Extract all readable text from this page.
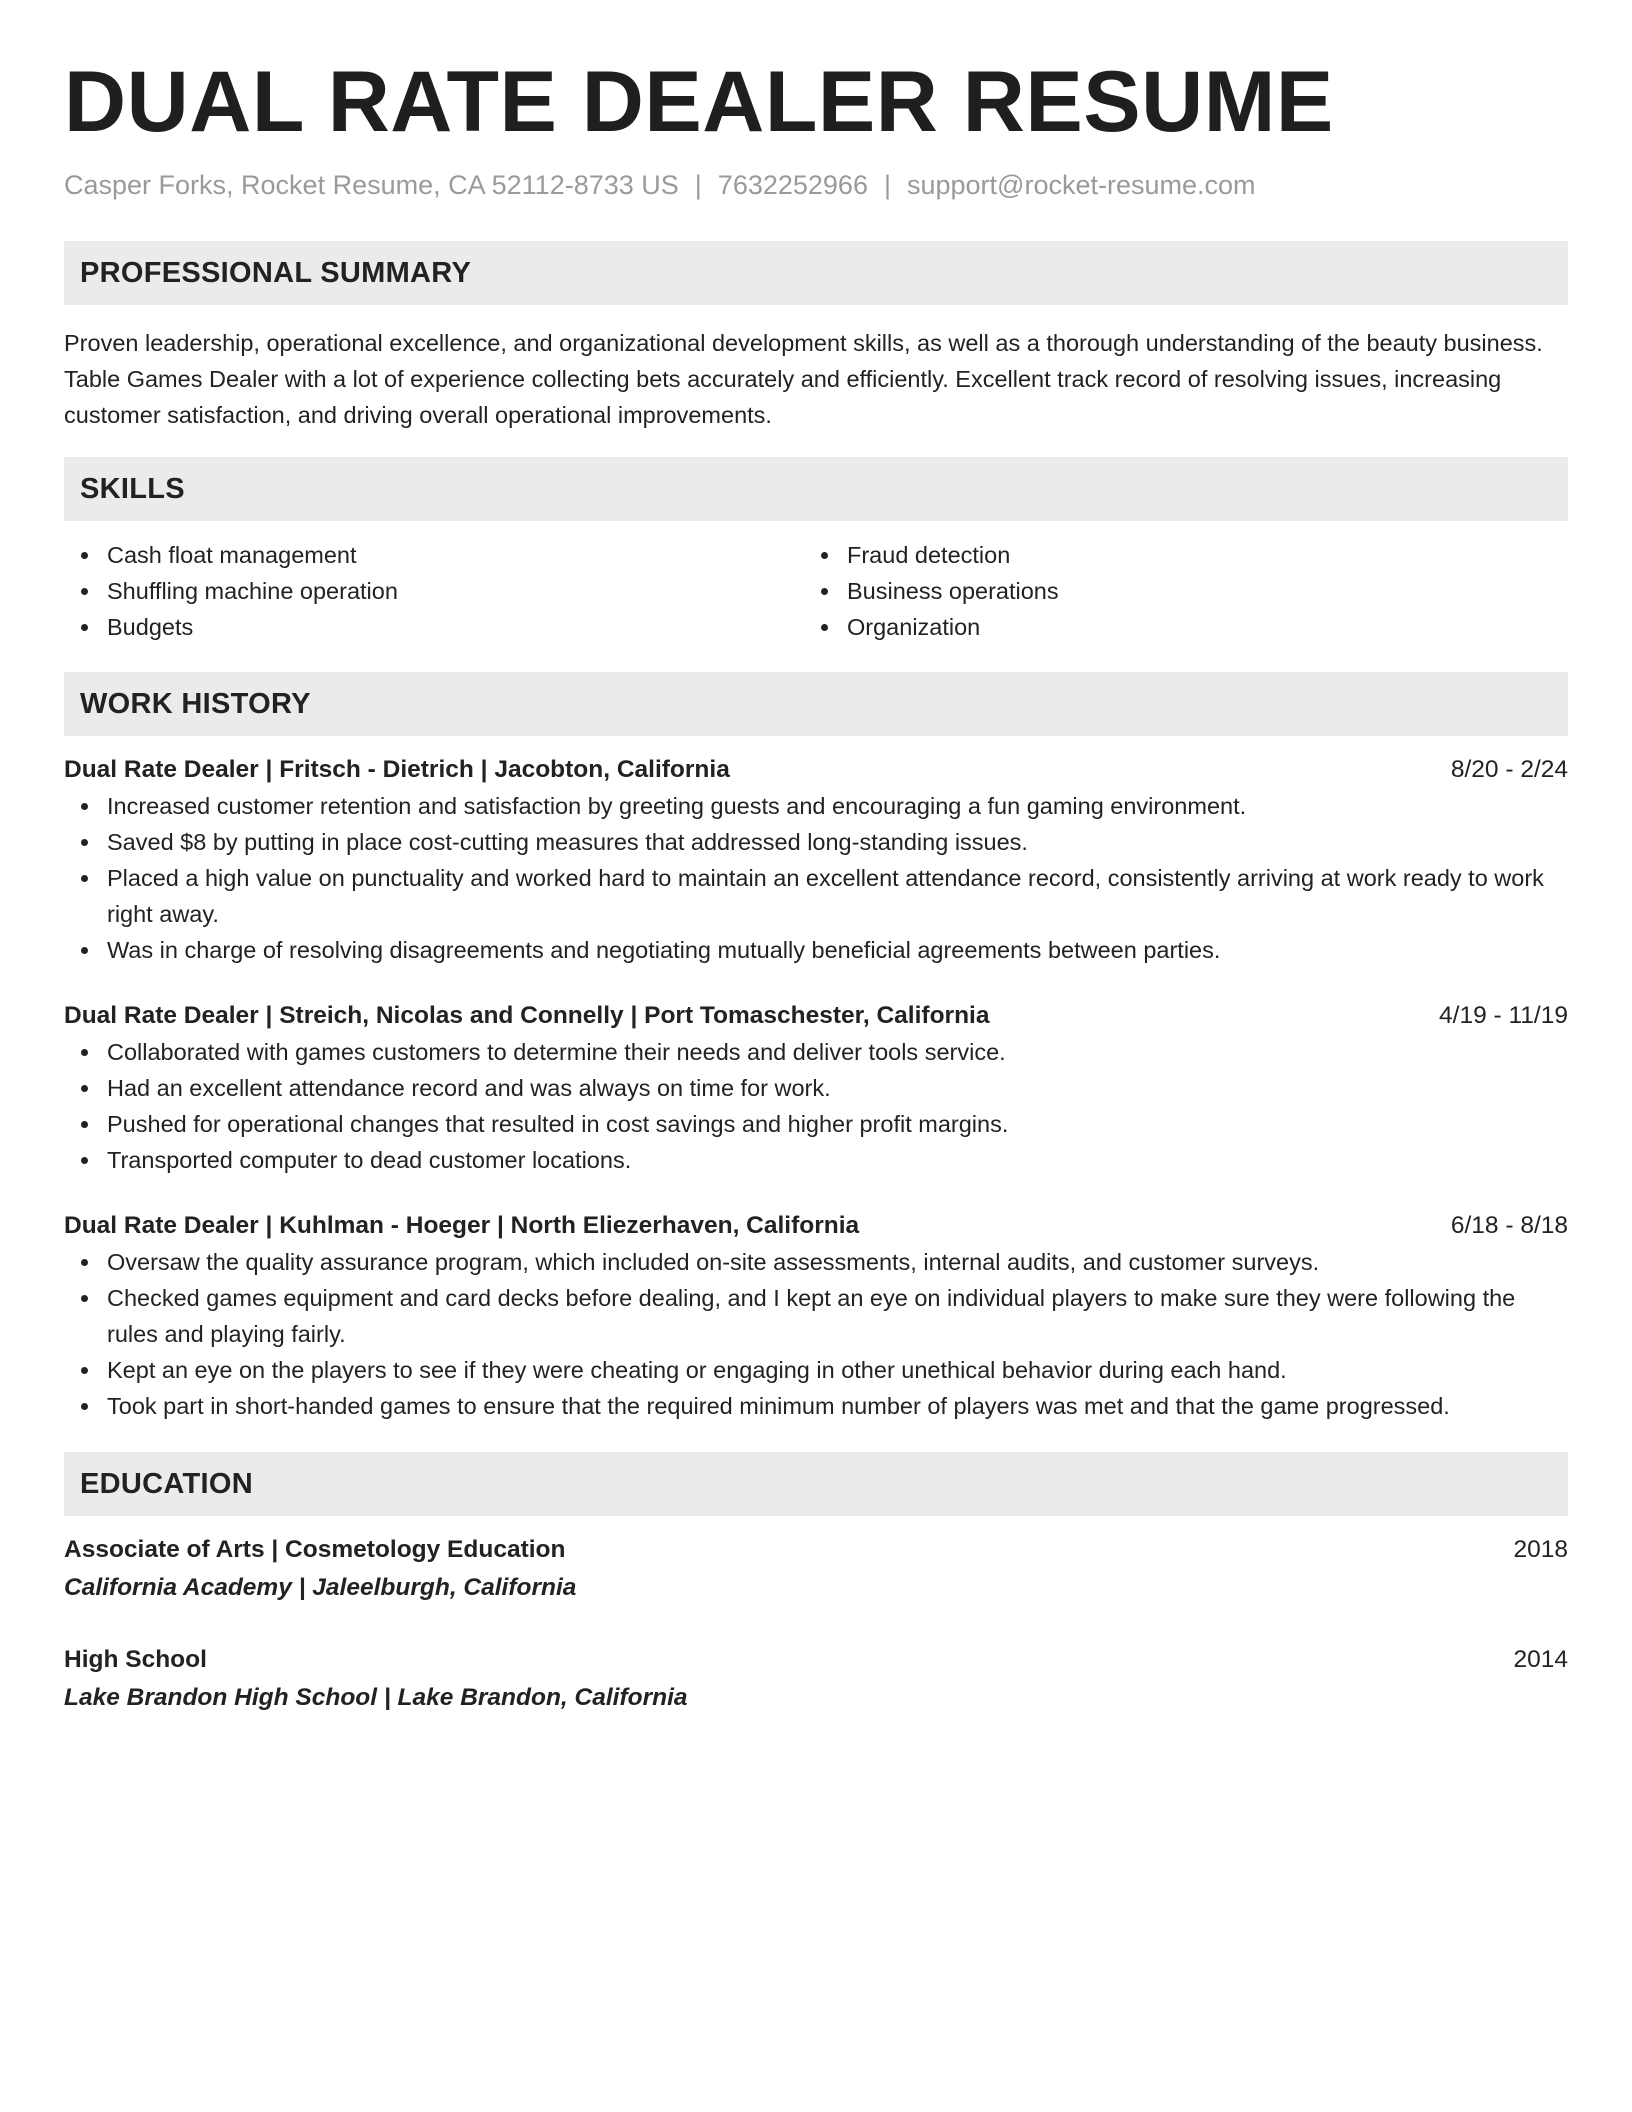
DUAL RATE DEALER RESUME
Casper Forks, Rocket Resume, CA 52112-8733 US | 7632252966 | support@rocket-resume.com
PROFESSIONAL SUMMARY

Proven leadership, operational excellence, and organizational development skills, as well as a thorough understanding of the beauty business. Table Games Dealer with a lot of experience collecting bets accurately and efficiently. Excellent track record of resolving issues, increasing customer satisfaction, and driving overall operational improvements.

SKILLS
Cash float management
Shuffling machine operation
Budgets
Fraud detection
Business operations
Organization
WORK HISTORY
Dual Rate Dealer | Fritsch - Dietrich | Jacobton, California	8/20 - 2/24
Increased customer retention and satisfaction by greeting guests and encouraging a fun gaming environment.
Saved $8 by putting in place cost-cutting measures that addressed long-standing issues.
Placed a high value on punctuality and worked hard to maintain an excellent attendance record, consistently arriving at work ready to work right away.
Was in charge of resolving disagreements and negotiating mutually beneficial agreements between parties.
Dual Rate Dealer | Streich, Nicolas and Connelly | Port Tomaschester, California	4/19 - 11/19
Collaborated with games customers to determine their needs and deliver tools service.
Had an excellent attendance record and was always on time for work.
Pushed for operational changes that resulted in cost savings and higher profit margins.
Transported computer to dead customer locations.
Dual Rate Dealer | Kuhlman - Hoeger | North Eliezerhaven, California	6/18 - 8/18
Oversaw the quality assurance program, which included on-site assessments, internal audits, and customer surveys.
Checked games equipment and card decks before dealing, and I kept an eye on individual players to make sure they were following the rules and playing fairly.
Kept an eye on the players to see if they were cheating or engaging in other unethical behavior during each hand.
Took part in short-handed games to ensure that the required minimum number of players was met and that the game progressed.
EDUCATION
Associate of Arts | Cosmetology Education	2018
California Academy | Jaleelburgh, California
High School	2014
Lake Brandon High School | Lake Brandon, California
